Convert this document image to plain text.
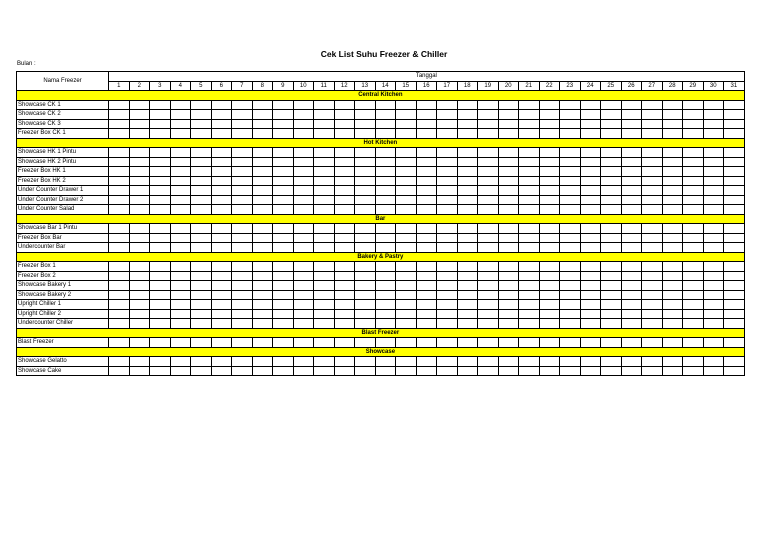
Cek List Suhu Freezer & Chiller
Bulan :
Nama Freezer	Tanggal																														
	1	2	3	4	5	6	7	8	9	10	11	12	13	14	15	16	17	18	19	20	21	22	23	24	25	26	27	28	29	30	31
Central Kitchen																															
Showcase CK 1																															
Showcase CK 2																															
Showcase CK 3																															
Freezer Box CK 1																															
Hot Kitchen																															
Showcase HK 1 Pintu																															
Showcase HK 2 Pintu																															
Freezer Box HK 1																															
Freezer Box HK 2																															
Under Counter Drawer 1																															
Under Counter Drawer 2																															
Under Counter Salad																															
Bar																															
Showcase Bar 1 Pintu																															
Freezer Box Bar																															
Undercounter Bar																															
Bakery & Pastry																															
Freezer Box 1																															
Freezer Box 2																															
Showcase Bakery 1																															
Showcase Bakery 2																															
Upright Chiller 1																															
Upright Chiller 2																															
Undercounter Chiller																															
Blast Freezer																															
Blast Freezer																															
Showcase																															
Showcase Gelatto																															
Showcase Cake																															
